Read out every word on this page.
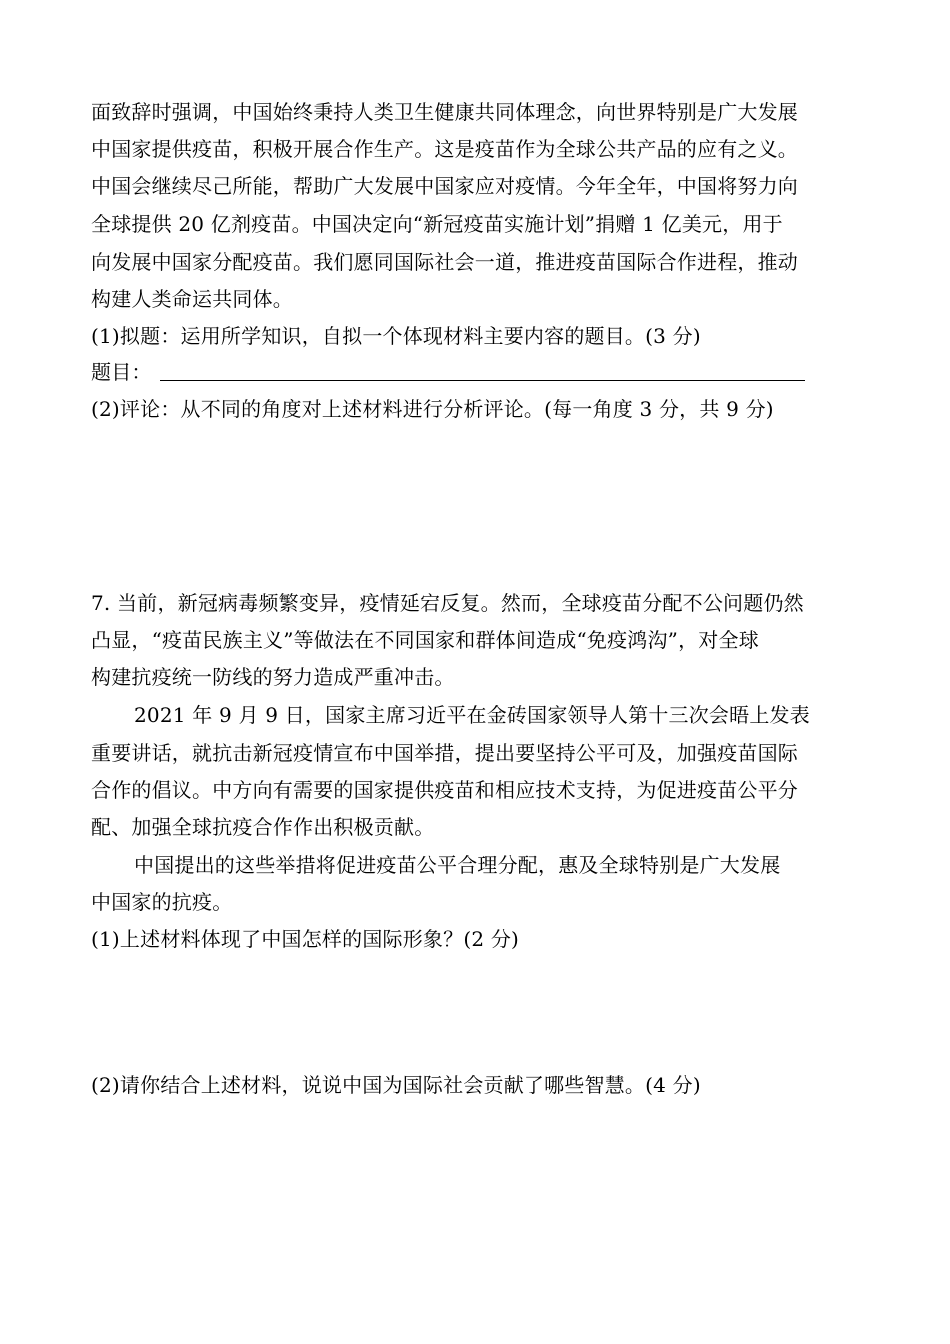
面致辞时强调，中国始终秉持人类卫生健康共同体理念，向世界特别是广大发展
中国家提供疫苗，积极开展合作生产。这是疫苗作为全球公共产品的应有之义。
中国会继续尽己所能，帮助广大发展中国家应对疫情。今年全年，中国将努力向
全球提供 20 亿剂疫苗。中国决定向“新冠疫苗实施计划”捐赠 1 亿美元，用于
向发展中国家分配疫苗。我们愿同国际社会一道，推进疫苗国际合作进程，推动
构建人类命运共同体。
(1)拟题：运用所学知识，自拟一个体现材料主要内容的题目。(3 分)
题目：
(2)评论：从不同的角度对上述材料进行分析评论。(每一角度 3 分，共 9 分)
7. 当前，新冠病毒频繁变异，疫情延宕反复。然而，全球疫苗分配不公问题仍然
凸显，“疫苗民族主义”等做法在不同国家和群体间造成“免疫鸿沟”，对全球
构建抗疫统一防线的努力造成严重冲击。
2021 年 9 月 9 日，国家主席习近平在金砖国家领导人第十三次会晤上发表
重要讲话，就抗击新冠疫情宣布中国举措，提出要坚持公平可及，加强疫苗国际
合作的倡议。中方向有需要的国家提供疫苗和相应技术支持，为促进疫苗公平分
配、加强全球抗疫合作作出积极贡献。
中国提出的这些举措将促进疫苗公平合理分配，惠及全球特别是广大发展
中国家的抗疫。
(1)上述材料体现了中国怎样的国际形象？(2 分)
(2)请你结合上述材料，说说中国为国际社会贡献了哪些智慧。(4 分)
